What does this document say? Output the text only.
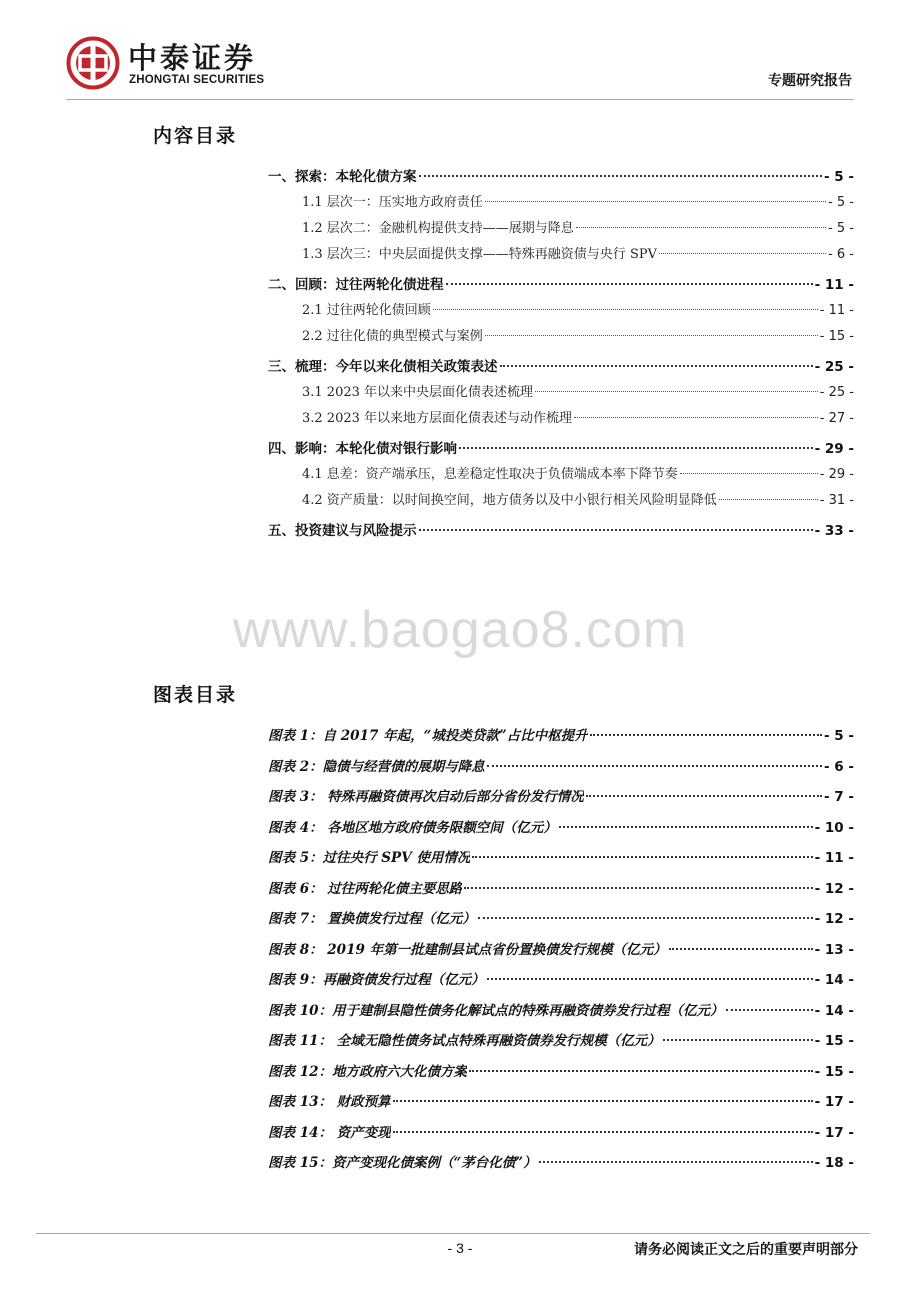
中泰证券
ZHONGTAI SECURITIES	专题研究报告
内容目录
一、探索：本轮化债方案	- 5 -
1.1 层次一：压实地方政府责任	- 5 -
1.2 层次二：金融机构提供支持——展期与降息	- 5 -
1.3 层次三：中央层面提供支撑——特殊再融资债与央行 SPV	- 6 -
二、回顾：过往两轮化债进程	- 11 -
2.1 过往两轮化债回顾	- 11 -
2.2 过往化债的典型模式与案例	- 15 -
三、梳理：今年以来化债相关政策表述	- 25 -
3.1 2023 年以来中央层面化债表述梳理	- 25 -
3.2 2023 年以来地方层面化债表述与动作梳理	- 27 -
四、影响：本轮化债对银行影响	- 29 -
4.1 息差：资产端承压，息差稳定性取决于负债端成本率下降节奏	- 29 -
4.2 资产质量：以时间换空间，地方债务以及中小银行相关风险明显降低	- 31 -
五、投资建议与风险提示	- 33 -
www.baogao8.com
图表目录
图表 1：自 2017 年起，“城投类贷款”占比中枢提升	- 5 -
图表 2：隐债与经营债的展期与降息	- 6 -
图表 3： 特殊再融资债再次启动后部分省份发行情况	- 7 -
图表 4： 各地区地方政府债务限额空间（亿元）	- 10 -
图表 5：过往央行 SPV 使用情况	- 11 -
图表 6： 过往两轮化债主要思路	- 12 -
图表 7： 置换债发行过程（亿元）	- 12 -
图表 8： 2019 年第一批建制县试点省份置换债发行规模（亿元）	- 13 -
图表 9：再融资债发行过程（亿元）	- 14 -
图表 10：用于建制县隐性债务化解试点的特殊再融资债券发行过程（亿元）	- 14 -
图表 11： 全域无隐性债务试点特殊再融资债券发行规模（亿元）	- 15 -
图表 12：地方政府六大化债方案	- 15 -
图表 13： 财政预算	- 17 -
图表 14： 资产变现	- 17 -
图表 15：资产变现化债案例（“茅台化债”）	- 18 -
- 3 -	请务必阅读正文之后的重要声明部分
